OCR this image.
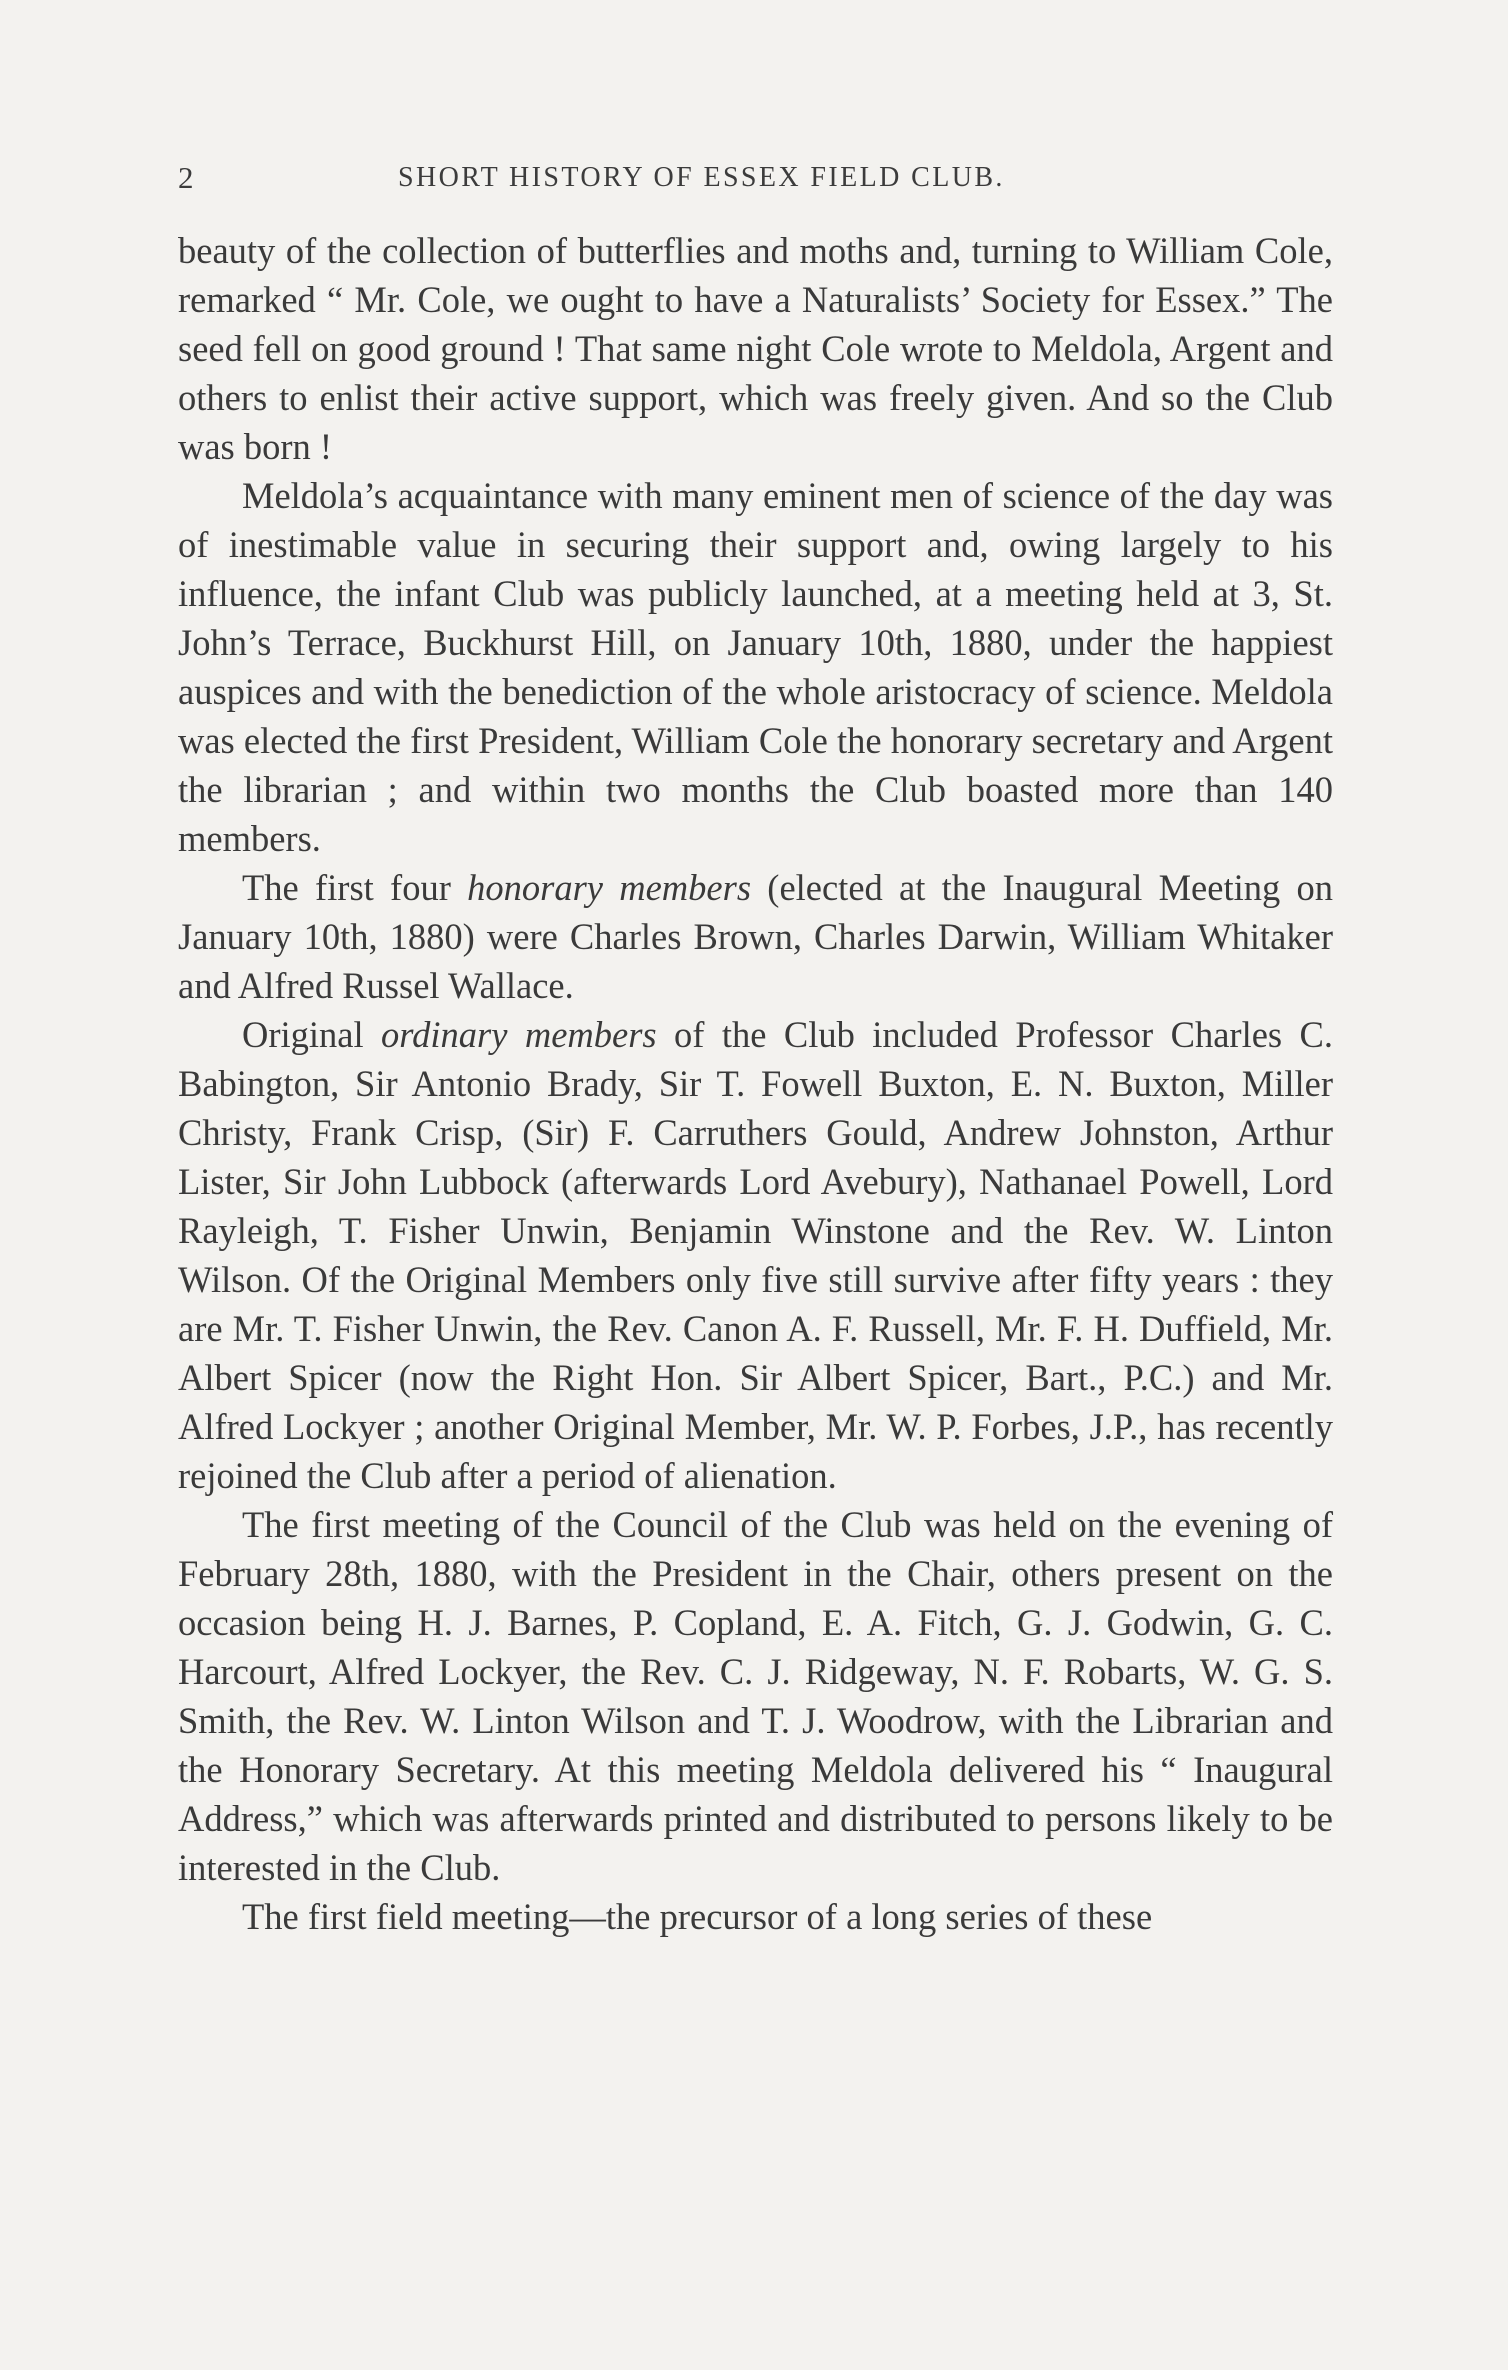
2	SHORT HISTORY OF ESSEX FIELD CLUB.

beauty of the collection of butterflies and moths and, turning to William Cole, remarked “ Mr. Cole, we ought to have a Naturalists’ Society for Essex.” The seed fell on good ground ! That same night Cole wrote to Meldola, Argent and others to enlist their active support, which was freely given. And so the Club was born !

Meldola’s acquaintance with many eminent men of science of the day was of inestimable value in securing their support and, owing largely to his influence, the infant Club was publicly launched, at a meeting held at 3, St. John’s Terrace, Buckhurst Hill, on January 10th, 1880, under the happiest auspices and with the benediction of the whole aristocracy of science. Meldola was elected the first President, William Cole the honorary secretary and Argent the librarian ; and within two months the Club boasted more than 140 members.

The first four honorary members (elected at the Inaugural Meeting on January 10th, 1880) were Charles Brown, Charles Darwin, William Whitaker and Alfred Russel Wallace.

Original ordinary members of the Club included Professor Charles C. Babington, Sir Antonio Brady, Sir T. Fowell Buxton, E. N. Buxton, Miller Christy, Frank Crisp, (Sir) F. Carruthers Gould, Andrew Johnston, Arthur Lister, Sir John Lubbock (afterwards Lord Avebury), Nathanael Powell, Lord Rayleigh, T. Fisher Unwin, Benjamin Winstone and the Rev. W. Linton Wilson. Of the Original Members only five still survive after fifty years : they are Mr. T. Fisher Unwin, the Rev. Canon A. F. Russell, Mr. F. H. Duffield, Mr. Albert Spicer (now the Right Hon. Sir Albert Spicer, Bart., P.C.) and Mr. Alfred Lockyer ; another Original Member, Mr. W. P. Forbes, J.P., has recently rejoined the Club after a period of alienation.

The first meeting of the Council of the Club was held on the evening of February 28th, 1880, with the President in the Chair, others present on the occasion being H. J. Barnes, P. Copland, E. A. Fitch, G. J. Godwin, G. C. Harcourt, Alfred Lockyer, the Rev. C. J. Ridgeway, N. F. Robarts, W. G. S. Smith, the Rev. W. Linton Wilson and T. J. Woodrow, with the Librarian and the Honorary Secretary. At this meeting Meldola delivered his “ Inaugural Address,” which was afterwards printed and distributed to persons likely to be interested in the Club.

The first field meeting—the precursor of a long series of these
